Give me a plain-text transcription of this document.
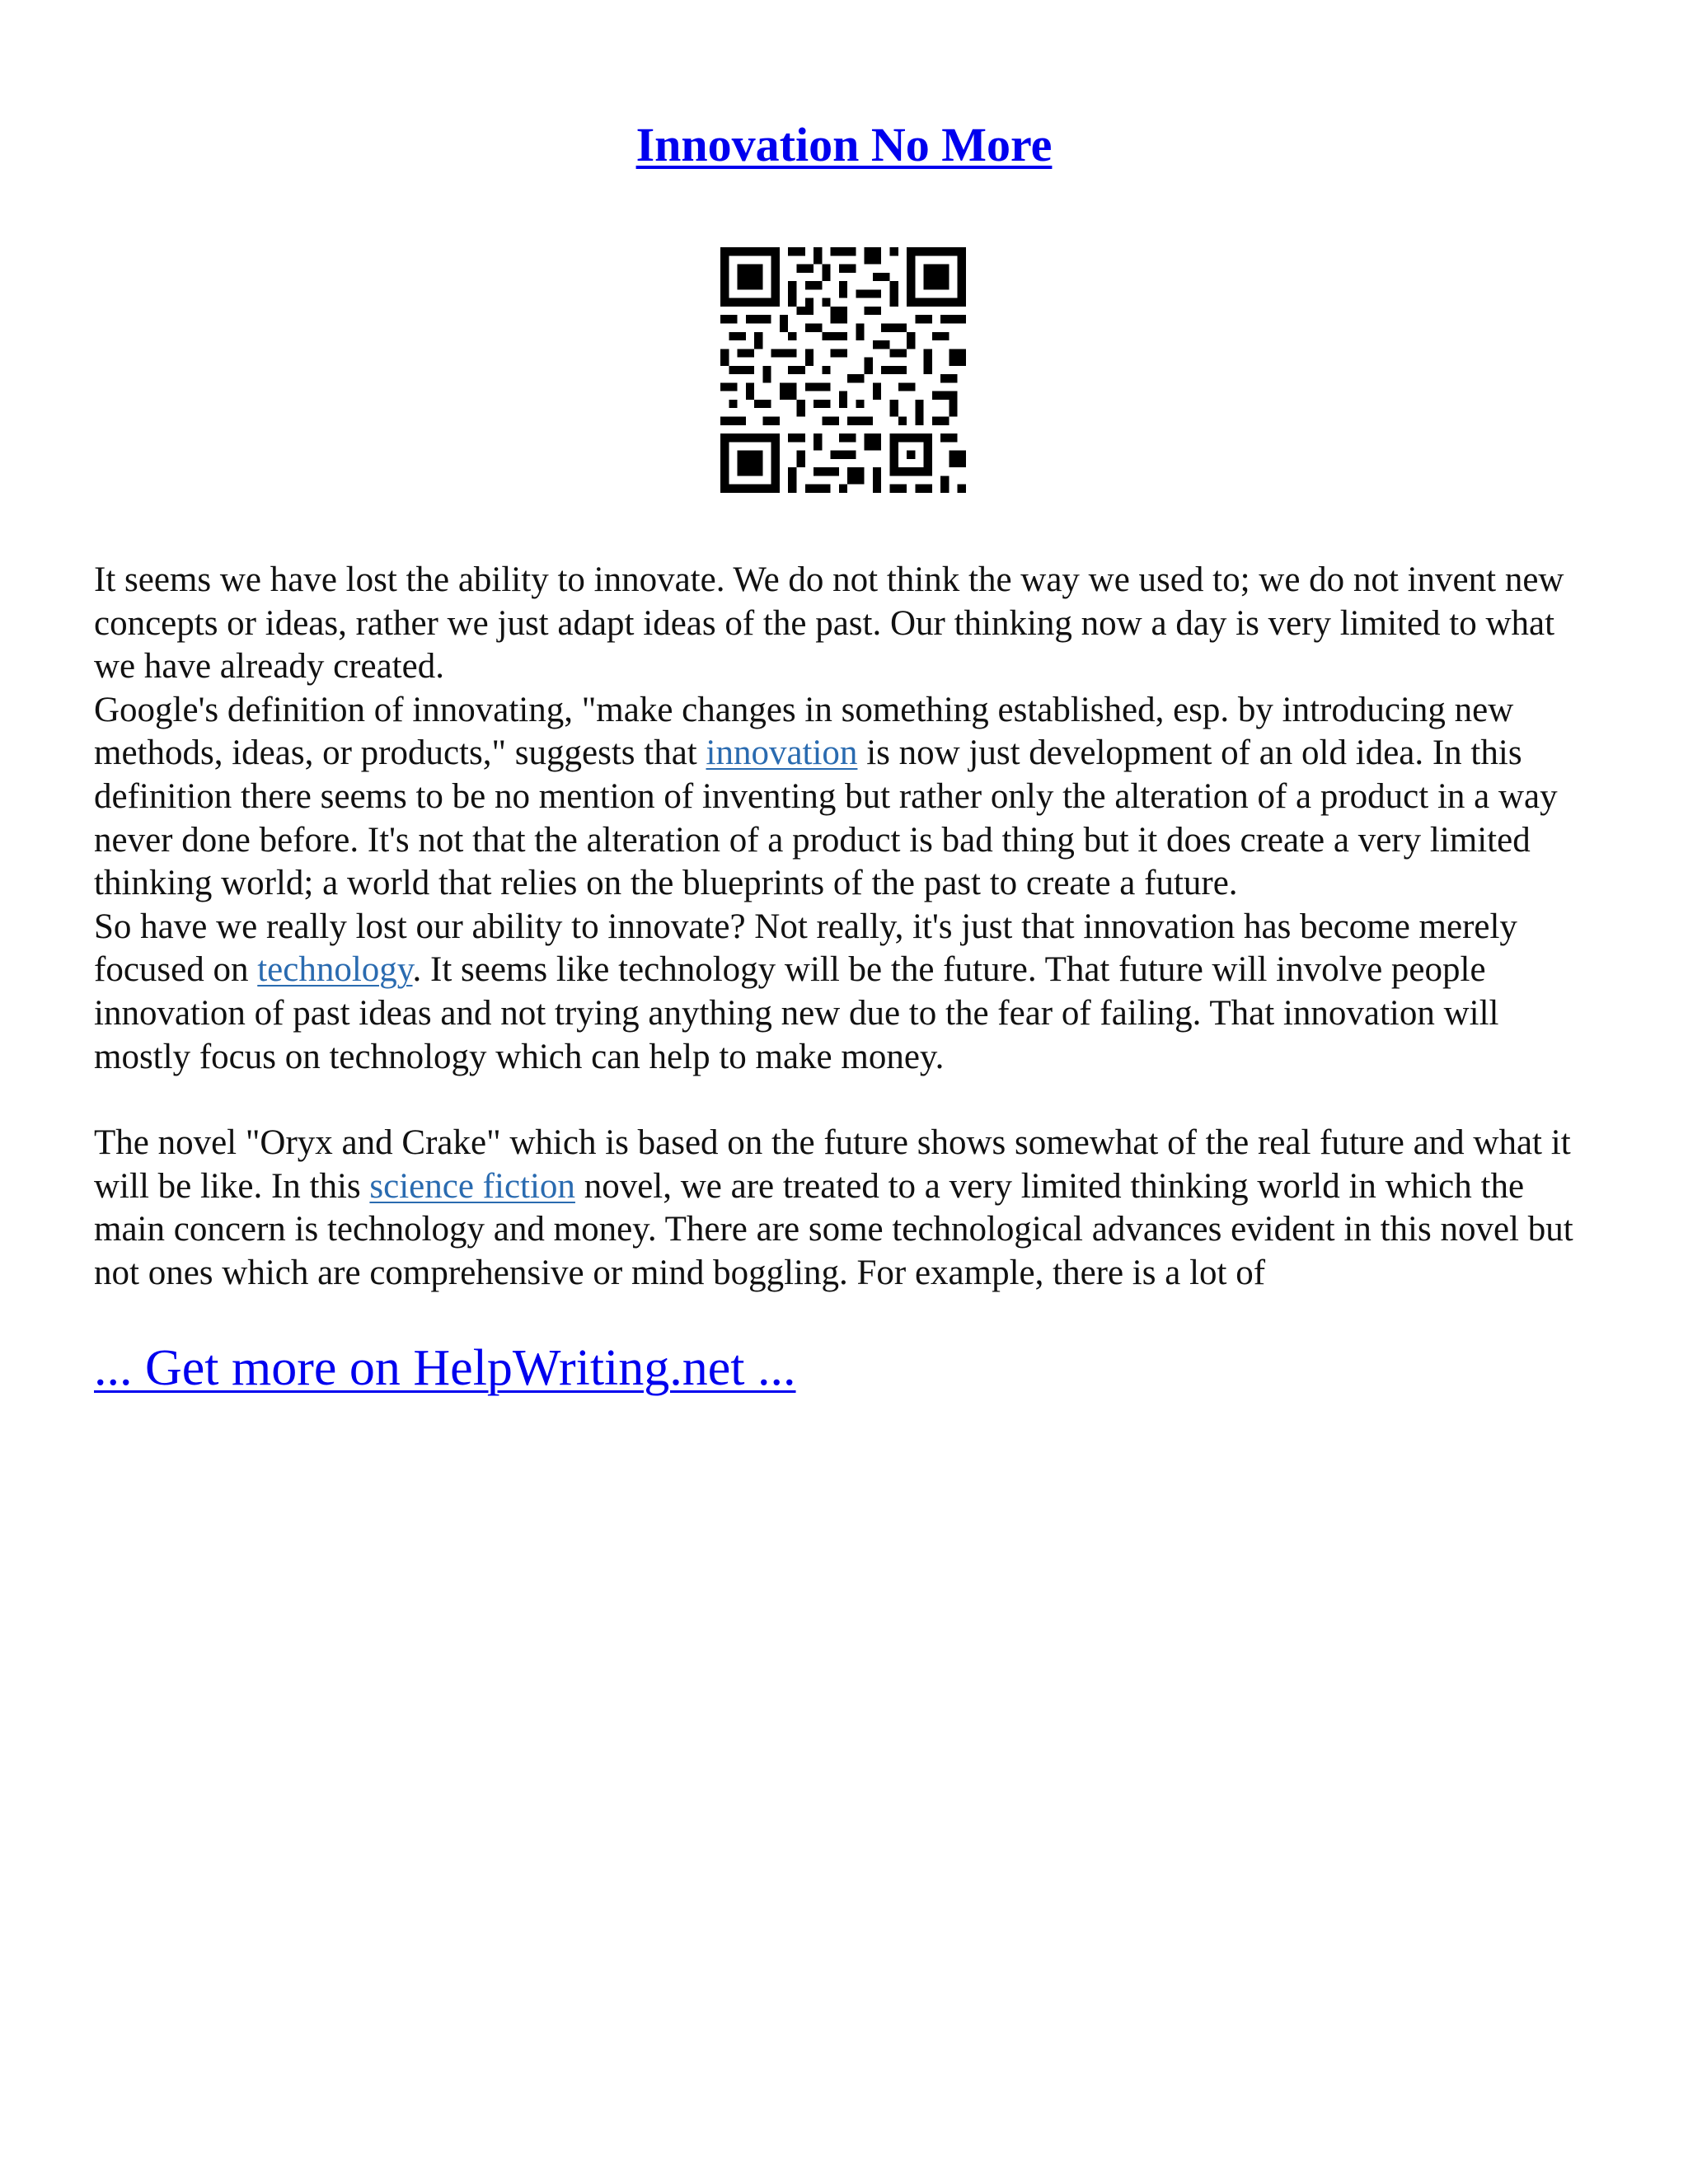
Innovation No More

It seems we have lost the ability to innovate. We do not think the way we used to; we do not invent new concepts or ideas, rather we just adapt ideas of the past. Our thinking now a day is very limited to what we have already created.

Google's definition of innovating, "make changes in something established, esp. by introducing new methods, ideas, or products," suggests that innovation is now just development of an old idea. In this definition there seems to be no mention of inventing but rather only the alteration of a product in a way never done before. It's not that the alteration of a product is bad thing but it does create a very limited thinking world; a world that relies on the blueprints of the past to create a future.

So have we really lost our ability to innovate? Not really, it's just that innovation has become merely focused on technology. It seems like technology will be the future. That future will involve people innovation of past ideas and not trying anything new due to the fear of failing. That innovation will mostly focus on technology which can help to make money.

The novel "Oryx and Crake" which is based on the future shows somewhat of the real future and what it will be like. In this science fiction novel, we are treated to a very limited thinking world in which the main concern is technology and money. There are some technological advances evident in this novel but not ones which are comprehensive or mind boggling. For example, there is a lot of

... Get more on HelpWriting.net ...
